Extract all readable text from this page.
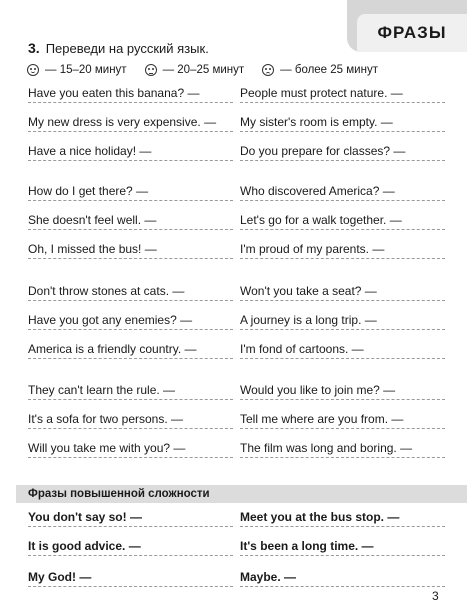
ФРАЗЫ
3. Переведи на русский язык.
— 15–20 минут	— 20–25 минут	— более 25 минут
Have you eaten this banana? —
My new dress is very expensive. —
Have a nice holiday! —
How do I get there? —
She doesn't feel well. —
Oh, I missed the bus! —
Don't throw stones at cats. —
Have you got any enemies? —
America is a friendly country. —
They can't learn the rule. —
It's a sofa for two persons. —
Will you take me with you? —
People must protect nature. —
My sister's room is empty. —
Do you prepare for classes? —
Who discovered America? —
Let's go for a walk together. —
I'm proud of my parents. —
Won't you take a seat? —
A journey is a long trip. —
I'm fond of cartoons. —
Would you like to join me? —
Tell me where are you from. —
The film was long and boring. —
Фразы повышенной сложности
You don't say so! —
It is good advice. —
My God! —
Meet you at the bus stop. —
It's been a long time. —
Maybe. —
3
